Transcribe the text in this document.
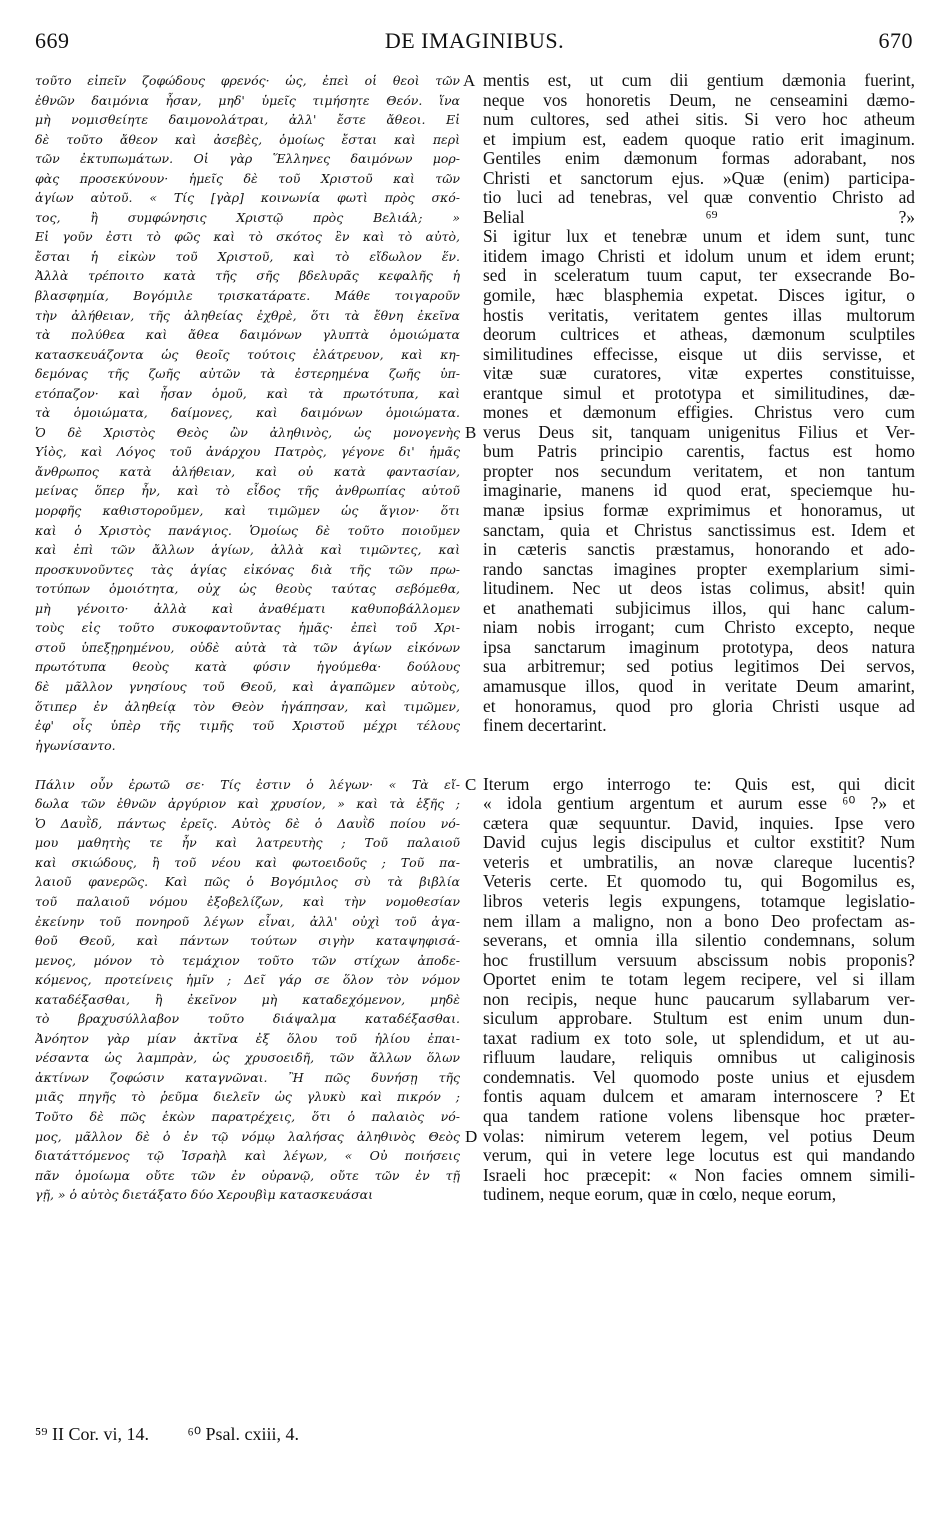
669	DE IMAGINIBUS.	670
τοῦτο εἰπεῖν ζοφώδους φρενός· ὡς, ἐπεὶ οἱ θεοὶ τῶν
ἐθνῶν δαιμόνια ἦσαν, μηδ' ὑμεῖς τιμήσητε Θεόν. ἵνα
μὴ νομισθείητε δαιμονολάτραι, ἀλλ' ἔστε ἄθεοι. Εἰ
δὲ τοῦτο ἄθεον καὶ ἀσεβὲς, ὁμοίως ἔσται καὶ περὶ
τῶν ἐκτυπωμάτων. Οἱ γὰρ Ἕλληνες δαιμόνων μορ-
φὰς προσεκύνουν· ἡμεῖς δὲ τοῦ Χριστοῦ καὶ τῶν
ἁγίων αὐτοῦ. « Τίς [γὰρ] κοινωνία φωτὶ πρὸς σκό-
τος, ἢ συμφώνησις Χριστῷ πρὸς Βελιάλ; »
Εἰ γοῦν ἐστι τὸ φῶς καὶ τὸ σκότος ἓν καὶ τὸ αὐτὸ,
ἔσται ἡ εἰκὼν τοῦ Χριστοῦ, καὶ τὸ εἴδωλον ἕν.
Ἀλλὰ τρέποιτο κατὰ τῆς σῆς βδελυρᾶς κεφαλῆς ἡ
βλασφημία, Βογόμιλε τρισκατάρατε. Μάθε τοιγαροῦν
τὴν ἀλήθειαν, τῆς ἀληθείας ἐχθρὲ, ὅτι τὰ ἔθνη ἐκεῖνα
τὰ πολύθεα καὶ ἄθεα δαιμόνων γλυπτὰ ὁμοιώματα
κατασκευάζοντα ὡς θεοῖς τούτοις ἐλάτρευον, καὶ κη-
δεμόνας τῆς ζωῆς αὐτῶν τὰ ἐστερημένα ζωῆς ὑπ-
ετόπαζον· καὶ ἦσαν ὁμοῦ, καὶ τὰ πρωτότυπα, καὶ
τὰ ὁμοιώματα, δαίμονες, καὶ δαιμόνων ὁμοιώματα.
Ὁ δὲ Χριστὸς Θεὸς ὢν ἀληθινὸς, ὡς μονογενὴς
Υἱὸς, καὶ Λόγος τοῦ ἀνάρχου Πατρὸς, γέγονε δι' ἡμᾶς
ἄνθρωπος κατὰ ἀλήθειαν, καὶ οὐ κατὰ φαντασίαν,
μείνας ὅπερ ἦν, καὶ τὸ εἶδος τῆς ἀνθρωπίας αὐτοῦ
μορφῆς καθιστοροῦμεν, καὶ τιμῶμεν ὡς ἅγιον· ὅτι
καὶ ὁ Χριστὸς πανάγιος. Ὁμοίως δὲ τοῦτο ποιοῦμεν
καὶ ἐπὶ τῶν ἄλλων ἁγίων, ἀλλὰ καὶ τιμῶντες, καὶ
προσκυνοῦντες τὰς ἁγίας εἰκόνας διὰ τῆς τῶν πρω-
τοτύπων ὁμοιότητα, οὐχ ὡς θεοὺς ταύτας σεβόμεθα,
μὴ γένοιτο· ἀλλὰ καὶ ἀναθέματι καθυποβάλλομεν
τοὺς εἰς τοῦτο συκοφαντοῦντας ἡμᾶς· ἐπεὶ τοῦ Χρι-
στοῦ ὑπεξῃρημένου, οὐδὲ αὐτὰ τὰ τῶν ἁγίων εἰκόνων
πρωτότυπα θεοὺς κατὰ φύσιν ἡγούμεθα· δούλους
δὲ μᾶλλον γνησίους τοῦ Θεοῦ, καὶ ἀγαπῶμεν αὐτοὺς,
ὅτιπερ ἐν ἀληθείᾳ τὸν Θεὸν ἠγάπησαν, καὶ τιμῶμεν,
ἐφ' οἷς ὑπὲρ τῆς τιμῆς τοῦ Χριστοῦ μέχρι τέλους
ἠγωνίσαντο.
Πάλιν οὖν ἐρωτῶ σε· Τίς ἐστιν ὁ λέγων· « Τὰ εἴ-
δωλα τῶν ἐθνῶν ἀργύριον καὶ χρυσίον, » καὶ τὰ ἑξῆς ;
Ὁ Δαυῒδ, πάντως ἐρεῖς. Αὐτὸς δὲ ὁ Δαυῒδ ποίου νό-
μου μαθητὴς τε ἦν καὶ λατρευτὴς ; Τοῦ παλαιοῦ
καὶ σκιώδους, ἢ τοῦ νέου καὶ φωτοειδοῦς ; Τοῦ πα-
λαιοῦ φανερῶς. Καὶ πῶς ὁ Βογόμιλος σὺ τὰ βιβλία
τοῦ παλαιοῦ νόμου ἐξοβελίζων, καὶ τὴν νομοθεσίαν
ἐκείνην τοῦ πονηροῦ λέγων εἶναι, ἀλλ' οὐχὶ τοῦ ἀγα-
θοῦ Θεοῦ, καὶ πάντων τούτων σιγὴν καταψηφισά-
μενος, μόνον τὸ τεμάχιον τοῦτο τῶν στίχων ἀποδε-
κόμενος, προτείνεις ἡμῖν ; Δεῖ γάρ σε ὅλον τὸν νόμον
καταδέξασθαι, ἢ ἐκεῖνον μὴ καταδεχόμενον, μηδὲ
τὸ βραχυσύλλαβον τοῦτο διάψαλμα καταδέξασθαι.
Ἀνόητον γὰρ μίαν ἀκτῖνα ἐξ ὅλου τοῦ ἡλίου ἐπαι-
νέσαντα ὡς λαμπρὰν, ὡς χρυσοειδῆ, τῶν ἄλλων ὅλων
ἀκτίνων ζοφώσιν καταγνῶναι. Ἢ πῶς δυνήσῃ τῆς
μιᾶς πηγῆς τὸ ῥεῦμα διελεῖν ὡς γλυκὺ καὶ πικρόν ;
Τοῦτο δὲ πῶς ἑκὼν παρατρέχεις, ὅτι ὁ παλαιὸς νό-
μος, μᾶλλον δὲ ὁ ἐν τῷ νόμῳ λαλήσας ἀληθινὸς Θεὸς
διατάττόμενος τῷ Ἰσραὴλ καὶ λέγων, « Οὐ ποιήσεις
πᾶν ὁμοίωμα οὔτε τῶν ἐν οὐρανῷ, οὔτε τῶν ἐν τῇ
γῇ, » ὁ αὐτὸς διετάξατο δύο Χερουβὶμ κατασκευάσαι
mentis est, ut cum dii gentium dæmonia fuerint,
neque vos honoretis Deum, ne censeamini dæmo-
num cultores, sed athei sitis. Si vero hoc atheum
et impium est, eadem quoque ratio erit imaginum.
Gentiles enim dæmonum formas adorabant, nos
Christi et sanctorum ejus. »Quæ (enim) participa-
tio luci ad tenebras, vel quæ conventio Christo ad
Belial ⁶⁹ ?»
Si igitur lux et tenebræ unum et idem sunt, tunc
itidem imago Christi et idolum unum et idem erunt;
sed in sceleratum tuum caput, ter exsecrande Bo-
gomile, hæc blasphemia expetat. Disces igitur, o
hostis veritatis, veritatem gentes illas multorum
deorum cultrices et atheas, dæmonum sculptiles
similitudines effecisse, eisque ut diis servisse, et
vitæ suæ curatores, vitæ expertes constituisse,
erantque simul et prototypa et similitudines, dæ-
mones et dæmonum effigies. Christus vero cum
verus Deus sit, tanquam unigenitus Filius et Ver-
bum Patris principio carentis, factus est homo
propter nos secundum veritatem, et non tantum
imaginarie, manens id quod erat, speciemque hu-
manæ ipsius formæ exprimimus et honoramus, ut
sanctam, quia et Christus sanctissimus est. Idem et
in cæteris sanctis præstamus, honorando et ado-
rando sanctas imagines propter exemplarium simi-
litudinem. Nec ut deos istas colimus, absit! quin
et anathemati subjicimus illos, qui hanc calum-
niam nobis irrogant; cum Christo excepto, neque
ipsa sanctarum imaginum prototypa, deos natura
sua arbitremur; sed potius legitimos Dei servos,
amamusque illos, quod in veritate Deum amarint,
et honoramus, quod pro gloria Christi usque ad
finem decertarint.
Iterum ergo interrogo te: Quis est, qui dicit
« idola gentium argentum et aurum esse ⁶⁰ ?» et
cætera quæ sequuntur. David, inquies. Ipse vero
David cujus legis discipulus et cultor exstitit? Num
veteris et umbratilis, an novæ clareque lucentis?
Veteris certe. Et quomodo tu, qui Bogomilus es,
libros veteris legis expungens, totamque legislatio-
nem illam a maligno, non a bono Deo profectam as-
severans, et omnia illa silentio condemnans, solum
hoc frustillum versuum abscissum nobis proponis?
Oportet enim te totam legem recipere, vel si illam
non recipis, neque hunc paucarum syllabarum ver-
siculum approbare. Stultum est enim unum dun-
taxat radium ex toto sole, ut splendidum, et ut au-
rifluum laudare, reliquis omnibus ut caliginosis
condemnatis. Vel quomodo poste unius et ejusdem
fontis aquam dulcem et amaram internoscere ? Et
qua tandem ratione volens libensque hoc præter-
volas: nimirum veterem legem, vel potius Deum
verum, qui in vetere lege locutus est qui mandando
Israeli hoc præcepit: « Non facies omnem simili-
tudinem, neque eorum, quæ in cœlo, neque eorum,
A
B
C
D
⁵⁹ II Cor. vi, 14. ⁶⁰ Psal. cxiii, 4.
